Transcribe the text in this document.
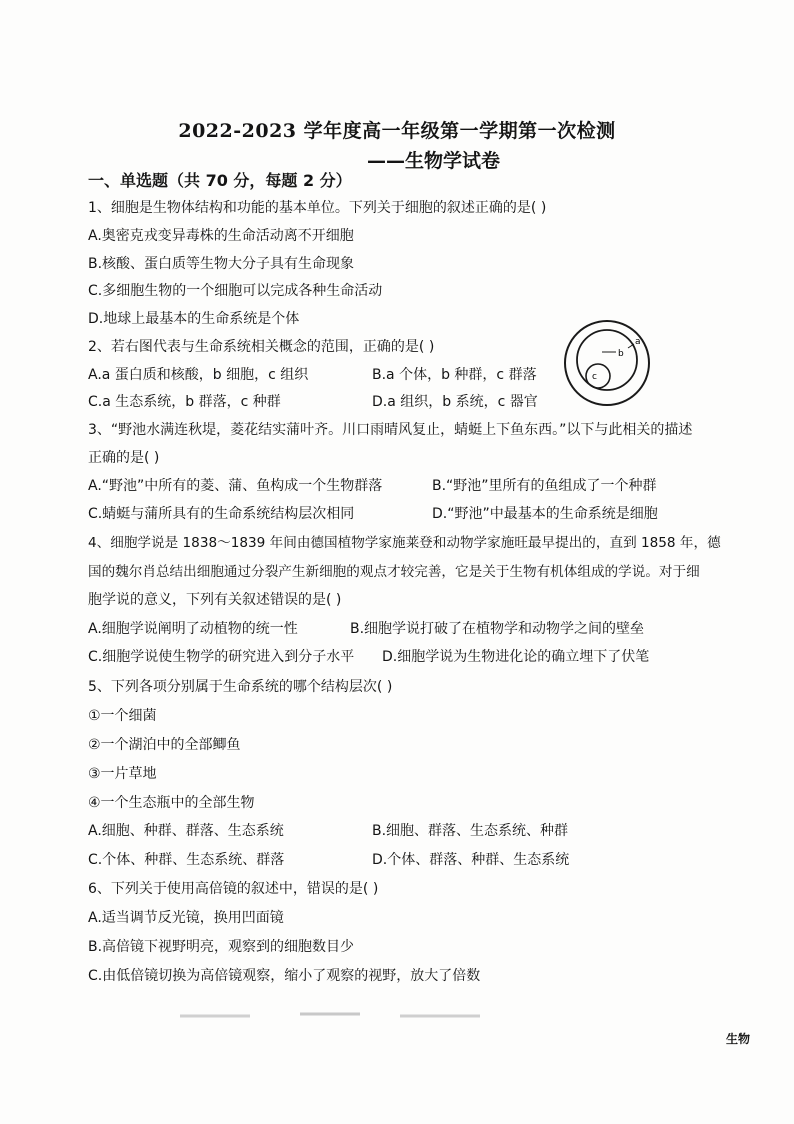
2022-2023 学年度高一年级第一学期第一次检测
——生物学试卷
一、单选题（共 70 分，每题 2 分）
1、细胞是生物体结构和功能的基本单位。下列关于细胞的叙述正确的是( )
A.奥密克戎变异毒株的生命活动离不开细胞
B.核酸、蛋白质等生物大分子具有生命现象
C.多细胞生物的一个细胞可以完成各种生命活动
D.地球上最基本的生命系统是个体
2、若右图代表与生命系统相关概念的范围，正确的是( )
A.a 蛋白质和核酸，b 细胞，c 组织	B.a 个体，b 种群，c 群落
C.a 生态系统，b 群落，c 种群	D.a 组织，b 系统，c 器官
a
b
c
3、“野池水满连秋堤，菱花结实蒲叶齐。川口雨晴风复止，蜻蜓上下鱼东西。”以下与此相关的描述
正确的是( )
A.“野池”中所有的菱、蒲、鱼构成一个生物群落	B.“野池”里所有的鱼组成了一个种群
C.蜻蜓与蒲所具有的生命系统结构层次相同	D.“野池”中最基本的生命系统是细胞
4、细胞学说是 1838～1839 年间由德国植物学家施莱登和动物学家施旺最早提出的，直到 1858 年，德
国的魏尔肖总结出细胞通过分裂产生新细胞的观点才较完善，它是关于生物有机体组成的学说。对于细
胞学说的意义，下列有关叙述错误的是( )
A.细胞学说阐明了动植物的统一性	B.细胞学说打破了在植物学和动物学之间的壁垒
C.细胞学说使生物学的研究进入到分子水平 D.细胞学说为生物进化论的确立埋下了伏笔
5、下列各项分别属于生命系统的哪个结构层次( )
①一个细菌
②一个湖泊中的全部鲫鱼
③一片草地
④一个生态瓶中的全部生物
A.细胞、种群、群落、生态系统	B.细胞、群落、生态系统、种群
C.个体、种群、生态系统、群落	D.个体、群落、种群、生态系统
6、下列关于使用高倍镜的叙述中，错误的是( )
A.适当调节反光镜，换用凹面镜
B.高倍镜下视野明亮，观察到的细胞数目少
C.由低倍镜切换为高倍镜观察，缩小了观察的视野，放大了倍数
生物
